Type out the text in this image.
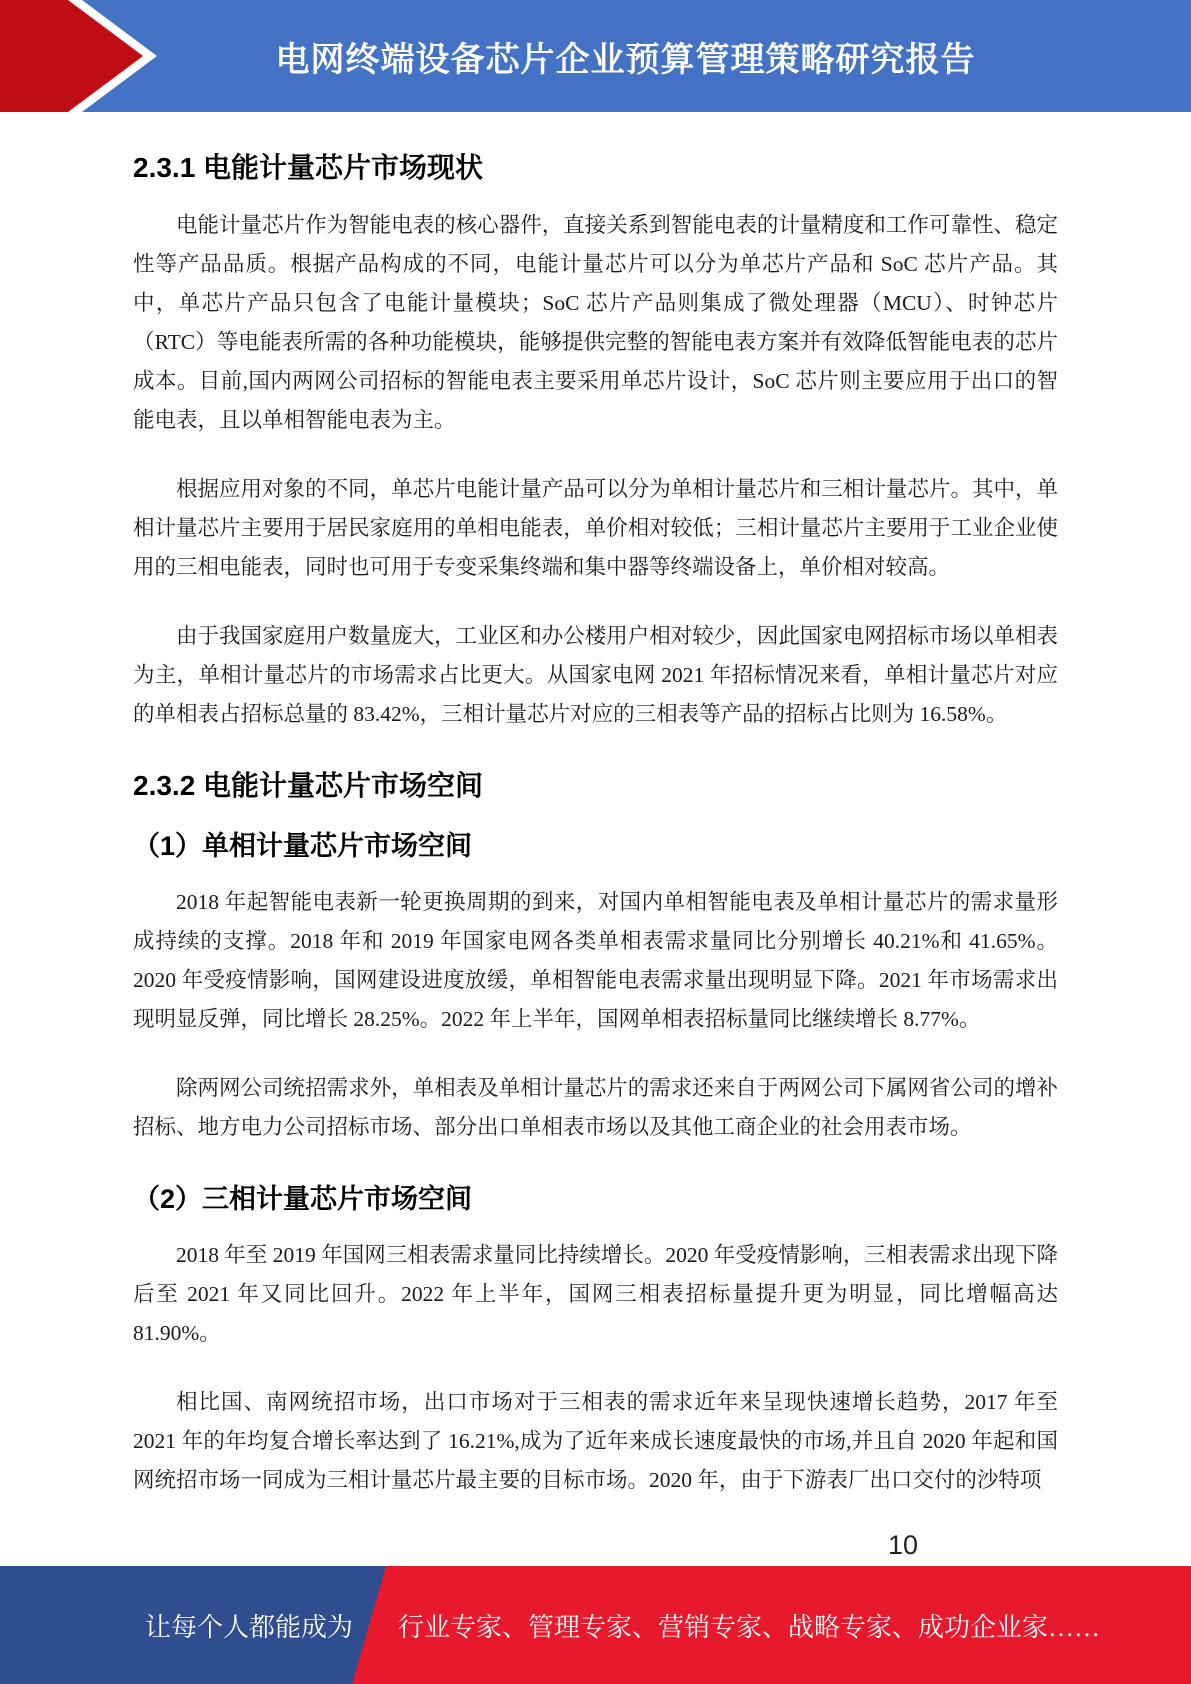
电网终端设备芯片企业预算管理策略研究报告
2.3.1 电能计量芯片市场现状

电能计量芯片作为智能电表的核心器件，直接关系到智能电表的计量精度和工作可靠性、稳定性等产品品质。根据产品构成的不同，电能计量芯片可以分为单芯片产品和 SoC 芯片产品。其中，单芯片产品只包含了电能计量模块；SoC 芯片产品则集成了微处理器（MCU）、时钟芯片（RTC）等电能表所需的各种功能模块，能够提供完整的智能电表方案并有效降低智能电表的芯片成本。目前,国内两网公司招标的智能电表主要采用单芯片设计，SoC 芯片则主要应用于出口的智能电表，且以单相智能电表为主。

根据应用对象的不同，单芯片电能计量产品可以分为单相计量芯片和三相计量芯片。其中，单相计量芯片主要用于居民家庭用的单相电能表，单价相对较低；三相计量芯片主要用于工业企业使用的三相电能表，同时也可用于专变采集终端和集中器等终端设备上，单价相对较高。

由于我国家庭用户数量庞大，工业区和办公楼用户相对较少，因此国家电网招标市场以单相表为主，单相计量芯片的市场需求占比更大。从国家电网 2021 年招标情况来看，单相计量芯片对应的单相表占招标总量的 83.42%，三相计量芯片对应的三相表等产品的招标占比则为 16.58%。

2.3.2 电能计量芯片市场空间
（1）单相计量芯片市场空间

2018 年起智能电表新一轮更换周期的到来，对国内单相智能电表及单相计量芯片的需求量形成持续的支撑。2018 年和 2019 年国家电网各类单相表需求量同比分别增长 40.21%和 41.65%。2020 年受疫情影响，国网建设进度放缓，单相智能电表需求量出现明显下降。2021 年市场需求出现明显反弹，同比增长 28.25%。2022 年上半年，国网单相表招标量同比继续增长 8.77%。

除两网公司统招需求外，单相表及单相计量芯片的需求还来自于两网公司下属网省公司的增补招标、地方电力公司招标市场、部分出口单相表市场以及其他工商企业的社会用表市场。

（2）三相计量芯片市场空间

2018 年至 2019 年国网三相表需求量同比持续增长。2020 年受疫情影响，三相表需求出现下降后至 2021 年又同比回升。2022 年上半年，国网三相表招标量提升更为明显，同比增幅高达 81.90%。

相比国、南网统招市场，出口市场对于三相表的需求近年来呈现快速增长趋势，2017 年至 2021 年的年均复合增长率达到了 16.21%,成为了近年来成长速度最快的市场,并且自 2020 年起和国网统招市场一同成为三相计量芯片最主要的目标市场。2020 年，由于下游表厂出口交付的沙特项

10
让每个人都能成为 行业专家、管理专家、营销专家、战略专家、成功企业家……
